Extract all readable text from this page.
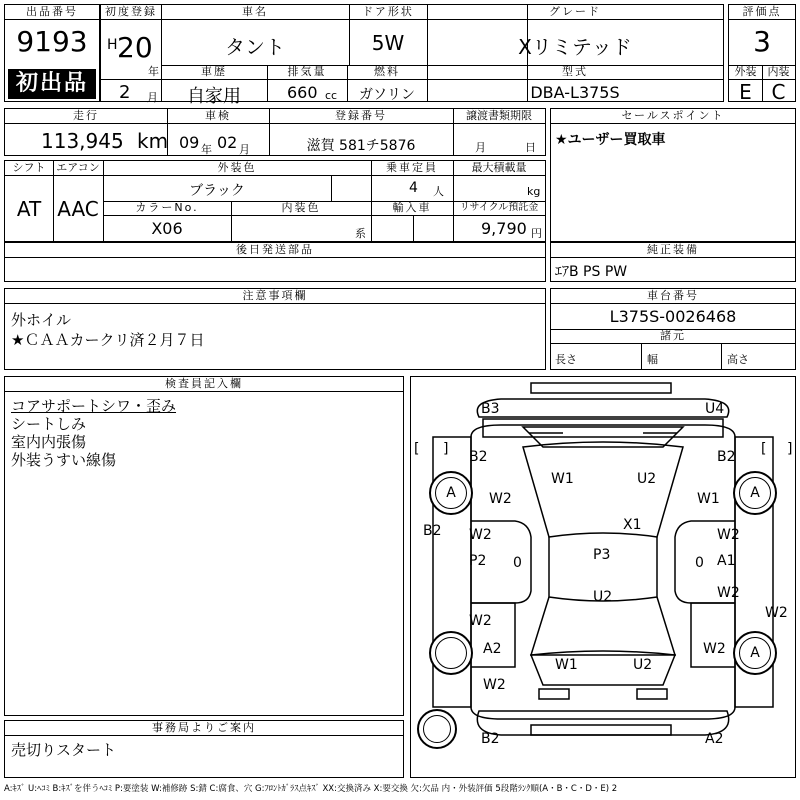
出品番号
9193
初出品
初度登録
H 20
年
2 月
車名
タント
ドア形状
5W
グレード
Xリミテッド
車歴
自家用
排気量
660 cc
燃料
ガソリン
型式
DBA-L375S
評価点
3
外装	内装
E C
走行
113,945 km
車検
09 年 02 月
登録番号
滋賀 581チ5876
譲渡書類期限
月	日
セールスポイント
★ユーザー買取車
シフト
AT
エアコン
AAC
外装色
ブラック
乗車定員
4 人
最大積載量
kg
カラーNo.
X06
内装色
系
輸入車	リサイクル預託金
9,790 円
後日発送部品	純正装備
ｴｱB PS PW
注意事項欄
外ホイル
★ＣＡＡカークリ済２月７日
車台番号
L375S-0026468
諸元
長さ	幅	高さ
検査員記入欄
コアサポートシワ・歪み
シートしみ
室内内張傷
外装うすい線傷
A	A
A
B3	U4
B2	B2
W1	U2
W2	W1
B2	X1
W2	W2
P2 0	P3	0 A1
W2
W2
U2
W2
W2
A2
W1	U2
W2
B2	A2
[ ]	[ ]
事務局よりご案内
売切りスタート
A:ｷｽﾞ U:ﾍｺﾐ B:ｷｽﾞを伴うﾍｺﾐ P:要塗装 W:補修跡 S:錆 C:腐食、穴 G:ﾌﾛﾝﾄｶﾞﾗｽ点ｷｽﾞ XX:交換済み X:要交換 欠:欠品 内・外装評価 5段階ﾗﾝｸ順(A・B・C・D・E) 2
